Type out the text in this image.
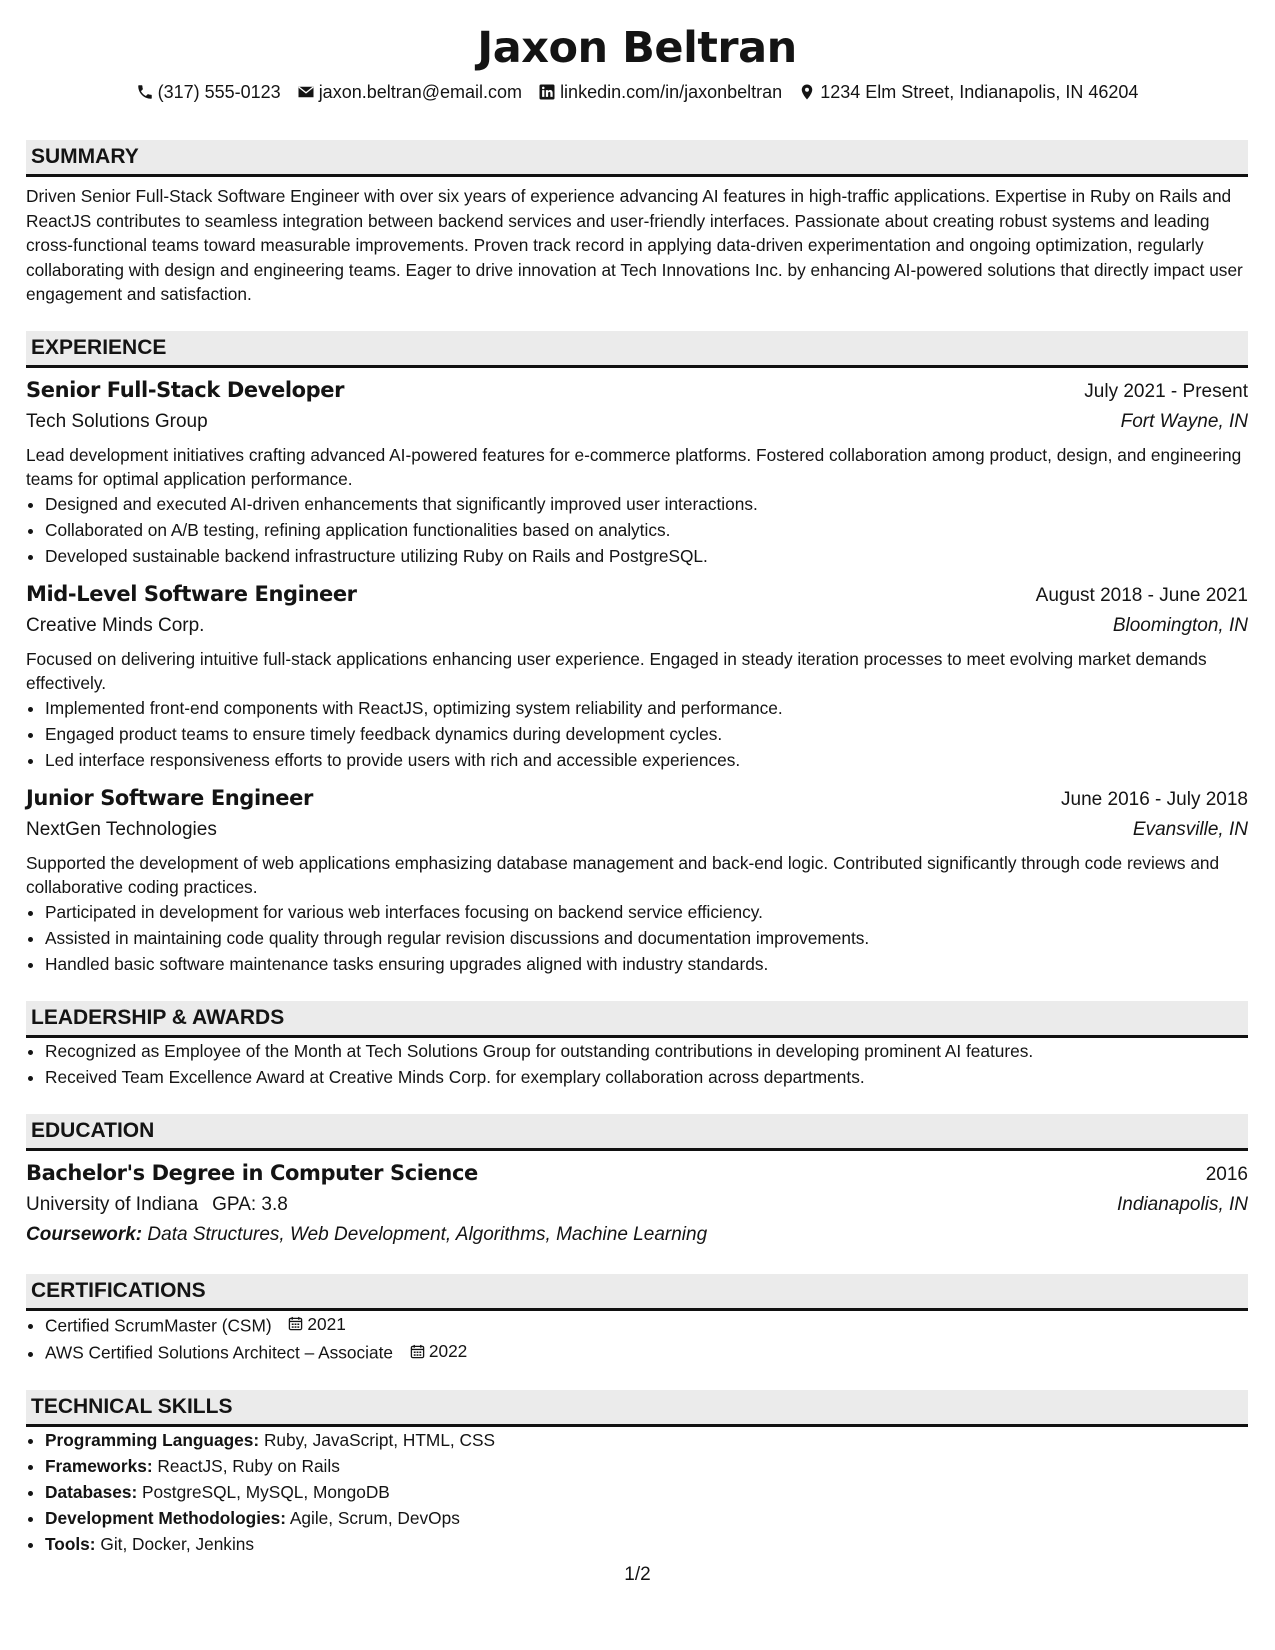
Jaxon Beltran
(317) 555-0123 jaxon.beltran@email.com linkedin.com/in/jaxonbeltran 1234 Elm Street, Indianapolis, IN 46204
SUMMARY
Driven Senior Full-Stack Software Engineer with over six years of experience advancing AI features in high-traffic applications. Expertise in Ruby on Rails and ReactJS contributes to seamless integration between backend services and user-friendly interfaces. Passionate about creating robust systems and leading cross-functional teams toward measurable improvements. Proven track record in applying data-driven experimentation and ongoing optimization, regularly collaborating with design and engineering teams. Eager to drive innovation at Tech Innovations Inc. by enhancing AI-powered solutions that directly impact user engagement and satisfaction.
EXPERIENCE
Senior Full-Stack Developer	July 2021 - Present
Tech Solutions Group	Fort Wayne, IN
Lead development initiatives crafting advanced AI-powered features for e-commerce platforms. Fostered collaboration among product, design, and engineering teams for optimal application performance.
• Designed and executed AI-driven enhancements that significantly improved user interactions.
• Collaborated on A/B testing, refining application functionalities based on analytics.
• Developed sustainable backend infrastructure utilizing Ruby on Rails and PostgreSQL.
Mid-Level Software Engineer	August 2018 - June 2021
Creative Minds Corp.	Bloomington, IN
Focused on delivering intuitive full-stack applications enhancing user experience. Engaged in steady iteration processes to meet evolving market demands effectively.
• Implemented front-end components with ReactJS, optimizing system reliability and performance.
• Engaged product teams to ensure timely feedback dynamics during development cycles.
• Led interface responsiveness efforts to provide users with rich and accessible experiences.
Junior Software Engineer	June 2016 - July 2018
NextGen Technologies	Evansville, IN
Supported the development of web applications emphasizing database management and back-end logic. Contributed significantly through code reviews and collaborative coding practices.
• Participated in development for various web interfaces focusing on backend service efficiency.
• Assisted in maintaining code quality through regular revision discussions and documentation improvements.
• Handled basic software maintenance tasks ensuring upgrades aligned with industry standards.
LEADERSHIP & AWARDS
• Recognized as Employee of the Month at Tech Solutions Group for outstanding contributions in developing prominent AI features.
• Received Team Excellence Award at Creative Minds Corp. for exemplary collaboration across departments.
EDUCATION
Bachelor's Degree in Computer Science	2016
University of Indiana GPA: 3.8	Indianapolis, IN
Coursework: Data Structures, Web Development, Algorithms, Machine Learning
CERTIFICATIONS
• Certified ScrumMaster (CSM) 2021
• AWS Certified Solutions Architect – Associate 2022
TECHNICAL SKILLS
• Programming Languages: Ruby, JavaScript, HTML, CSS
• Frameworks: ReactJS, Ruby on Rails
• Databases: PostgreSQL, MySQL, MongoDB
• Development Methodologies: Agile, Scrum, DevOps
• Tools: Git, Docker, Jenkins
1/2
